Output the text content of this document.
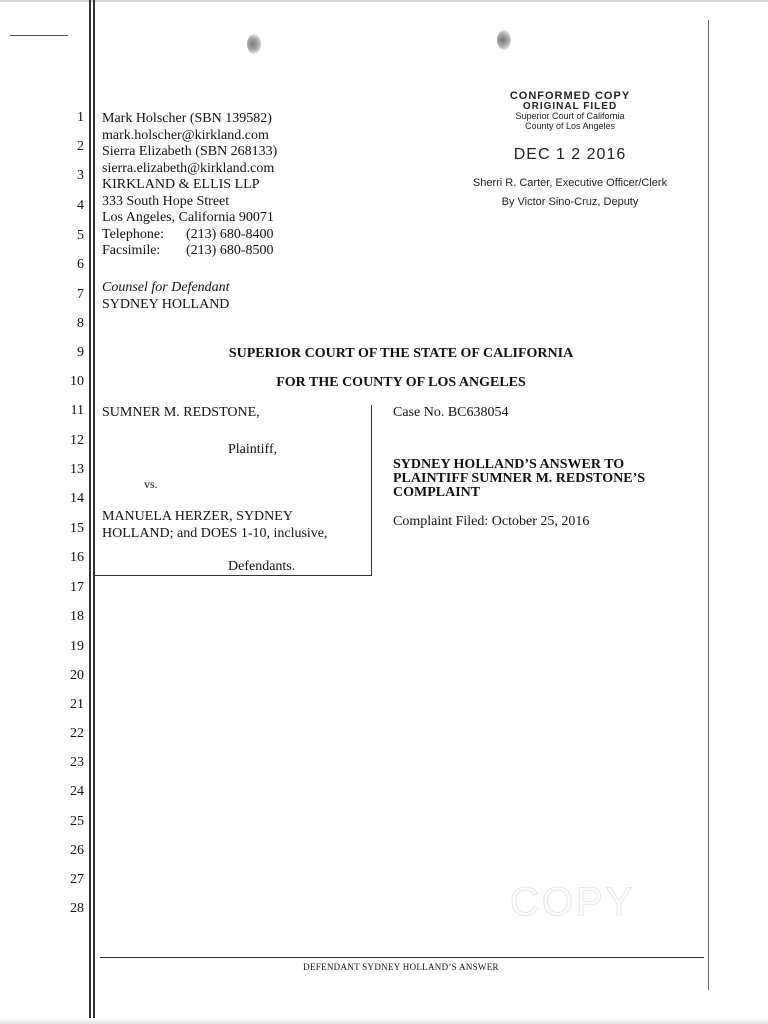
1
2
3
4
5
6
7
8
9
10
11
12
13
14
15
16
17
18
19
20
21
22
23
24
25
26
27
28
Mark Holscher (SBN 139582)
mark.holscher@kirkland.com
Sierra Elizabeth (SBN 268133)
sierra.elizabeth@kirkland.com
KIRKLAND & ELLIS LLP
333 South Hope Street
Los Angeles, California 90071
Telephone: (213) 680-8400
Facsimile: (213) 680-8500
Counsel for Defendant
SYDNEY HOLLAND
CONFORMED COPY
ORIGINAL FILED
Superior Court of California
County of Los Angeles
DEC 1 2 2016
Sherri R. Carter, Executive Officer/Clerk
By Victor Sino-Cruz, Deputy
SUPERIOR COURT OF THE STATE OF CALIFORNIA
FOR THE COUNTY OF LOS ANGELES
SUMNER M. REDSTONE,
Plaintiff,
vs.
MANUELA HERZER, SYDNEY
HOLLAND; and DOES 1-10, inclusive,
Defendants.
Case No. BC638054
SYDNEY HOLLAND’S ANSWER TO
PLAINTIFF SUMNER M. REDSTONE’S
COMPLAINT
Complaint Filed: October 25, 2016
COPY
DEFENDANT SYDNEY HOLLAND’S ANSWER
